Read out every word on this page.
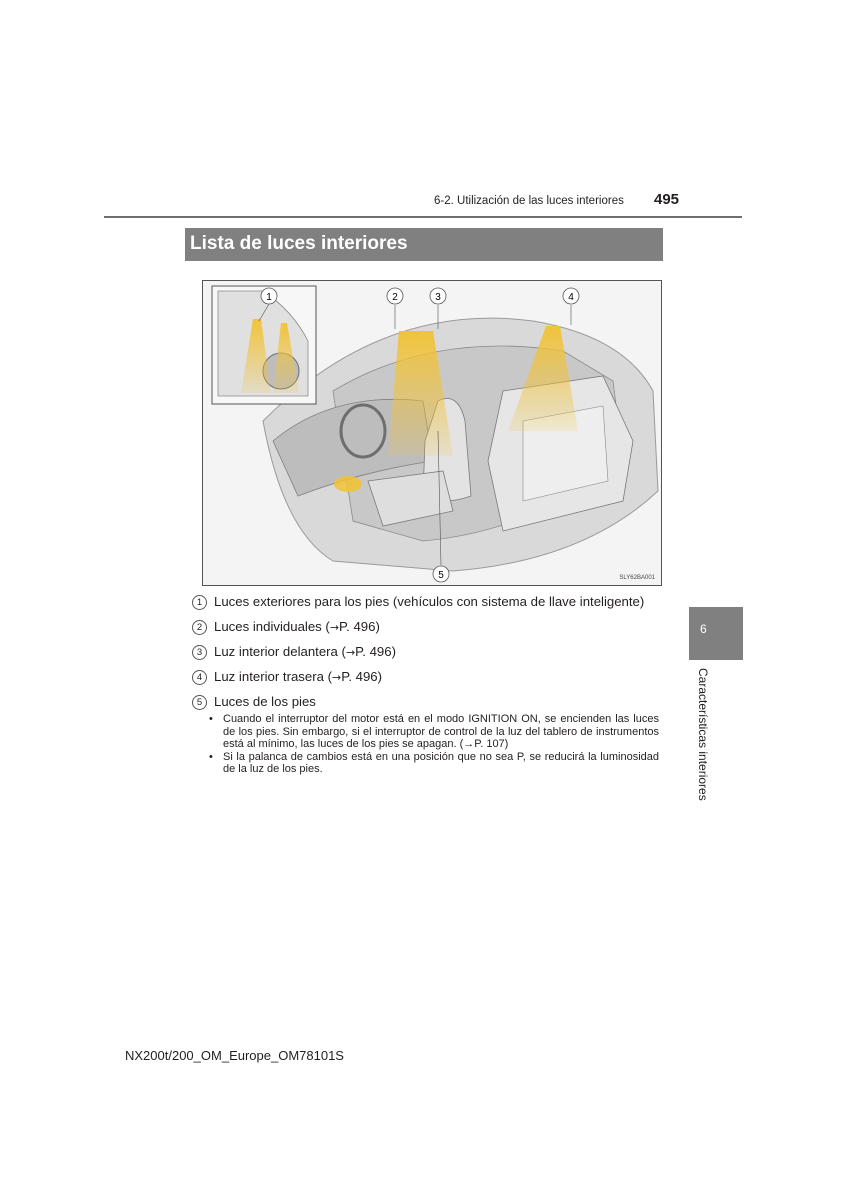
6-2. Utilización de las luces interiores 495
Lista de luces interiores
1	2	3	4
5	SLY62BA001
1 Luces exteriores para los pies (vehículos con sistema de llave inteligente)
2 Luces individuales (→P. 496)
3 Luz interior delantera (→P. 496)
4 Luz interior trasera (→P. 496)
5 Luces de los pies
• Cuando el interruptor del motor está en el modo IGNITION ON, se encienden las luces de los pies. Sin embargo, si el interruptor de control de la luz del tablero de instrumentos está al mínimo, las luces de los pies se apagan. (→P. 107)
• Si la palanca de cambios está en una posición que no sea P, se reducirá la luminosidad de la luz de los pies.
6
Características interiores
NX200t/200_OM_Europe_OM78101S
